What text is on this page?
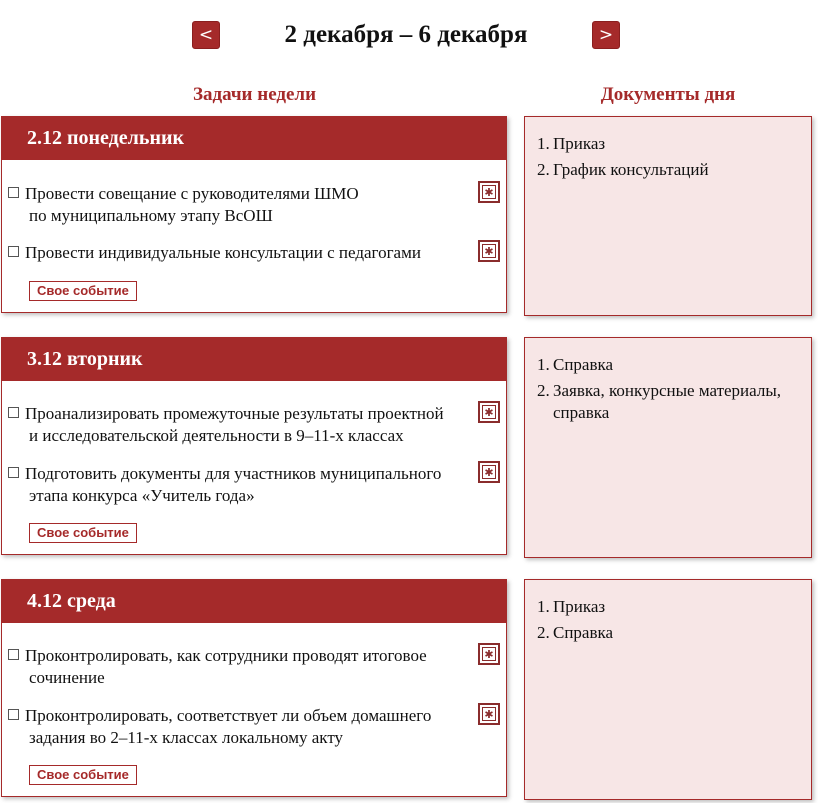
<	2 декабря – 6 декабря	>
Задачи недели	Документы дня
2.12 понедельник
Провести совещание с руководителями ШМО
по муниципальному этапу ВсОШ
✱
Провести индивидуальные консультации с педагогами	✱
Свое событие
1. Приказ
2. График консультаций
3.12 вторник
Проанализировать промежуточные результаты проектной
и исследовательской деятельности в 9–11-х классах
✱
Подготовить документы для участников муниципального
этапа конкурса «Учитель года»
✱
Свое событие
1. Справка
2. Заявка, конкурсные материалы, справка
4.12 среда
Проконтролировать, как сотрудники проводят итоговое
сочинение
✱
Проконтролировать, соответствует ли объем домашнего
задания во 2–11-х классах локальному акту
✱
Свое событие
1. Приказ
2. Справка
